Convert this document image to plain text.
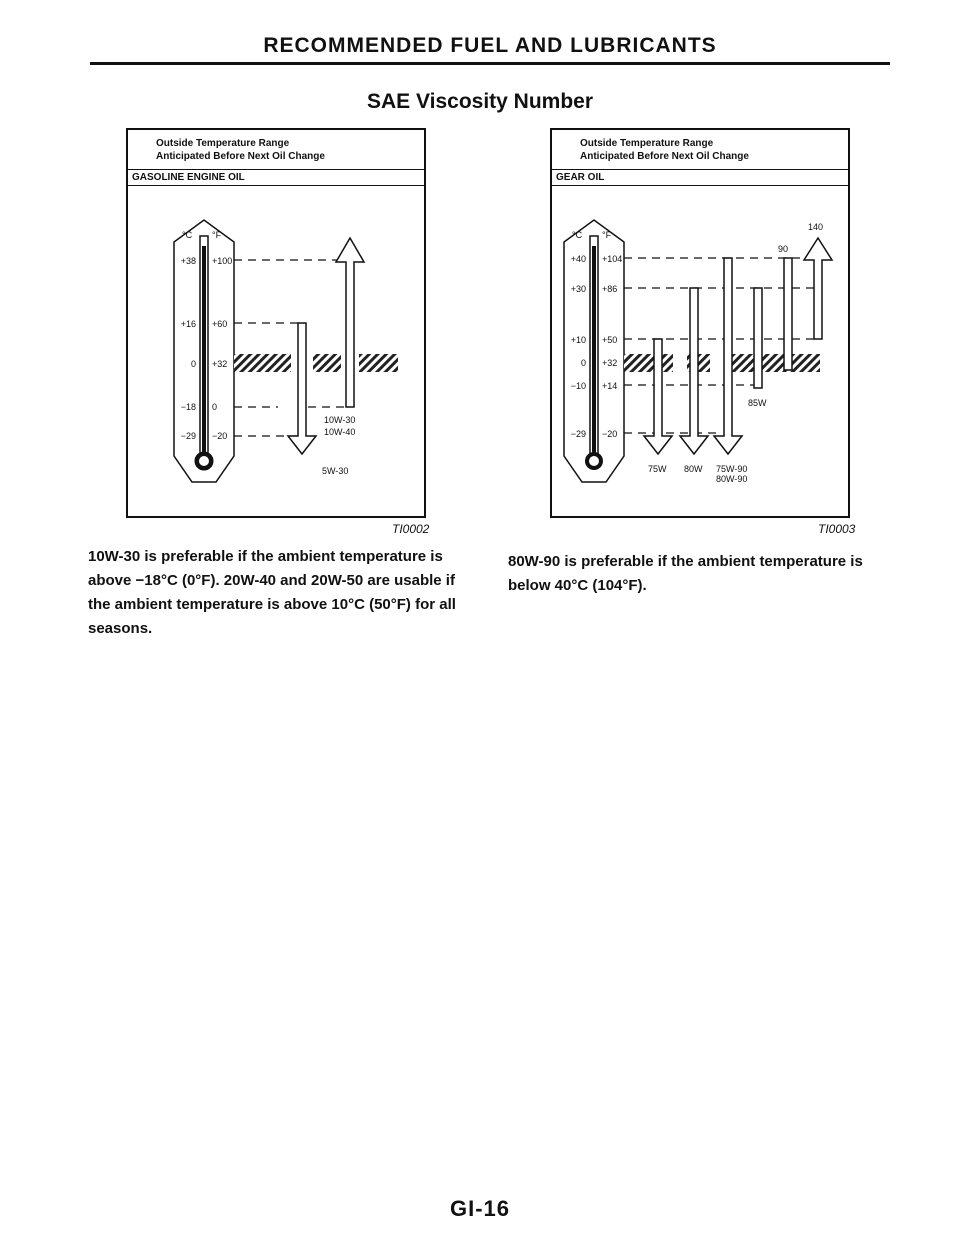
RECOMMENDED FUEL AND LUBRICANTS
SAE Viscosity Number
Outside Temperature Range
Anticipated Before Next Oil Change
GASOLINE ENGINE OIL
°C °F
+38
+16
0
−18
−29
+100
+60
+32
0
−20
5W-30
10W-30
10W-40
TI0002
10W-30 is preferable if the ambient temperature is above −18°C (0°F). 20W-40 and 20W-50 are usable if the ambient temperature is above 10°C (50°F) for all seasons.
Outside Temperature Range
Anticipated Before Next Oil Change
GEAR OIL
°C °F
+40
+30
+10
0
−10
−29
+104
+86
+50
+32
+14
−20
75W 80W 75W-90
80W-90
85W
90
140
TI0003
80W-90 is preferable if the ambient temperature is below 40°C (104°F).
GI-16
